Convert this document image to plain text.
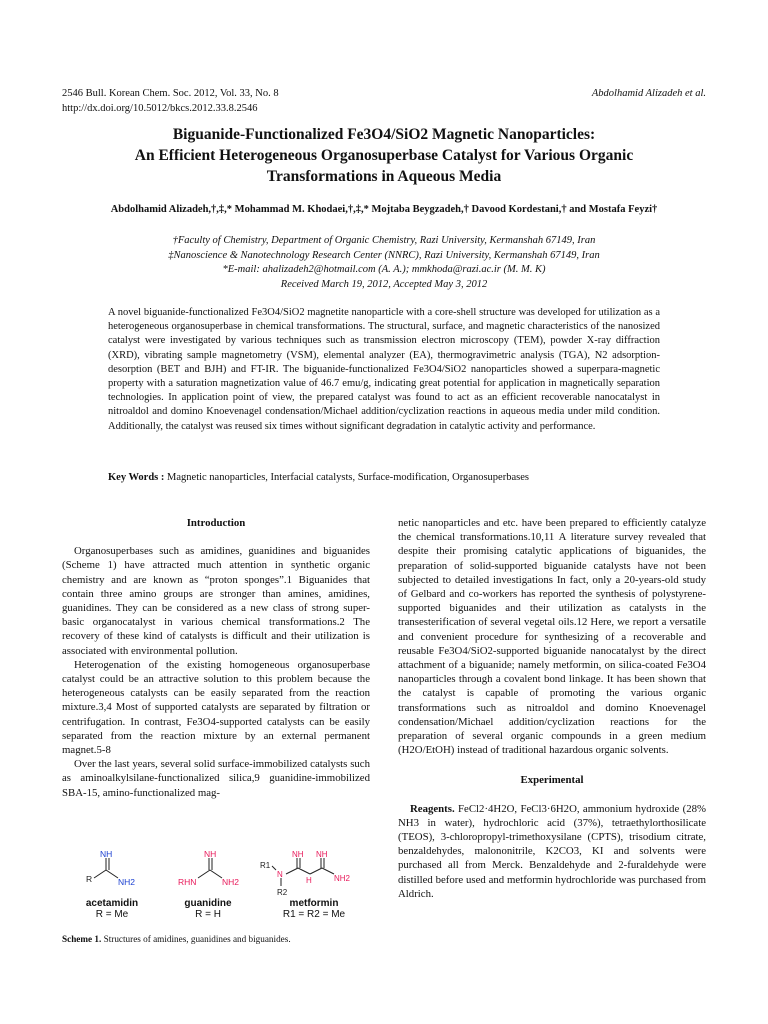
2546 Bull. Korean Chem. Soc. 2012, Vol. 33, No. 8
http://dx.doi.org/10.5012/bkcs.2012.33.8.2546
Abdolhamid Alizadeh et al.
Biguanide-Functionalized Fe3O4/SiO2 Magnetic Nanoparticles:
An Efficient Heterogeneous Organosuperbase Catalyst for Various Organic
Transformations in Aqueous Media
Abdolhamid Alizadeh,†,‡,* Mohammad M. Khodaei,†,‡,* Mojtaba Beygzadeh,† Davood Kordestani,† and Mostafa Feyzi†
†Faculty of Chemistry, Department of Organic Chemistry, Razi University, Kermanshah 67149, Iran
‡Nanoscience & Nanotechnology Research Center (NNRC), Razi University, Kermanshah 67149, Iran
*E-mail: ahalizadeh2@hotmail.com (A. A.); mmkhoda@razi.ac.ir (M. M. K)
Received March 19, 2012, Accepted May 3, 2012
A novel biguanide-functionalized Fe3O4/SiO2 magnetite nanoparticle with a core-shell structure was developed for utilization as a heterogeneous organosuperbase in chemical transformations. The structural, surface, and magnetic characteristics of the nanosized catalyst were investigated by various techniques such as transmission electron microscopy (TEM), powder X-ray diffraction (XRD), vibrating sample magnetometry (VSM), elemental analyzer (EA), thermogravimetric analysis (TGA), N2 adsorption-desorption (BET and BJH) and FT-IR. The biguanide-functionalized Fe3O4/SiO2 nanoparticles showed a superpara-magnetic property with a saturation magnetization value of 46.7 emu/g, indicating great potential for application in magnetically separation technologies. In application point of view, the prepared catalyst was found to act as an efficient recoverable nanocatalyst in nitroaldol and domino Knoevenagel condensation/Michael addition/cyclization reactions in aqueous media under mild condition. Additionally, the catalyst was reused six times without significant degradation in catalytic activity and performance.
Key Words : Magnetic nanoparticles, Interfacial catalysts, Surface-modification, Organosuperbases
Introduction

Organosuperbases such as amidines, guanidines and biguanides (Scheme 1) have attracted much attention in synthetic organic chemistry and are known as “proton sponges”.1 Biguanides that contain three amino groups are stronger than amines, amidines, guanidines. They can be considered as a new class of strong super-basic organocatalyst in various chemical transformations.2 The recovery of these kind of catalysts is difficult and their utilization is associated with environmental pollution.

Heterogenation of the existing homogeneous organosuperbase catalyst could be an attractive solution to this problem because the heterogeneous catalysts can be easily separated from the reaction mixture.3,4 Most of supported catalysts are separated by filtration or centrifugation. In contrast, Fe3O4-supported catalysts can be easily separated from the reaction mixture by an external permanent magnet.5-8

Over the last years, several solid surface-immobilized catalysts such as aminoalkylsilane-functionalized silica,9 guanidine-immobilized SBA-15, amino-functionalized mag-

NH
R	NH2
acetamidin
R = Me
NH
RHN	NH2
guanidine
R = H
NH NH
R1
N
H
R2
NH2
metformin
R1 = R2 = Me
Scheme 1. Structures of amidines, guanidines and biguanides.

netic nanoparticles and etc. have been prepared to efficiently catalyze the chemical transformations.10,11 A literature survey revealed that despite their promising catalytic applications of biguanides, the preparation of solid-supported biguanide catalysts have not been subjected to detailed investigations In fact, only a 20-years-old study of Gelbard and co-workers has reported the synthesis of polystyrene-supported biguanides and their utilization as catalysts in the transesterification of several vegetal oils.12 Here, we report a versatile and convenient procedure for synthesizing of a recoverable and reusable Fe3O4/SiO2-supported biguanide nanocatalyst by the direct attachment of a biguanide; namely metformin, on silica-coated Fe3O4 nanoparticles through a covalent bond linkage. It has been shown that the catalyst is capable of promoting the various organic transformations such as nitroaldol and domino Knoevenagel condensation/Michael addition/cyclization reactions for the preparation of several organic compounds in a green medium (H2O/EtOH) instead of traditional hazardous organic solvents.

Experimental

Reagents. FeCl2·4H2O, FeCl3·6H2O, ammonium hydroxide (28% NH3 in water), hydrochloric acid (37%), tetraethylorthosilicate (TEOS), 3-chloropropyl-trimethoxysilane (CPTS), trisodium citrate, benzaldehydes, malononitrile, K2CO3, KI and solvents were purchased all from Merck. Benzaldehyde and 2-furaldehyde were distilled before used and metformin hydrochloride was purchased from Aldrich.
